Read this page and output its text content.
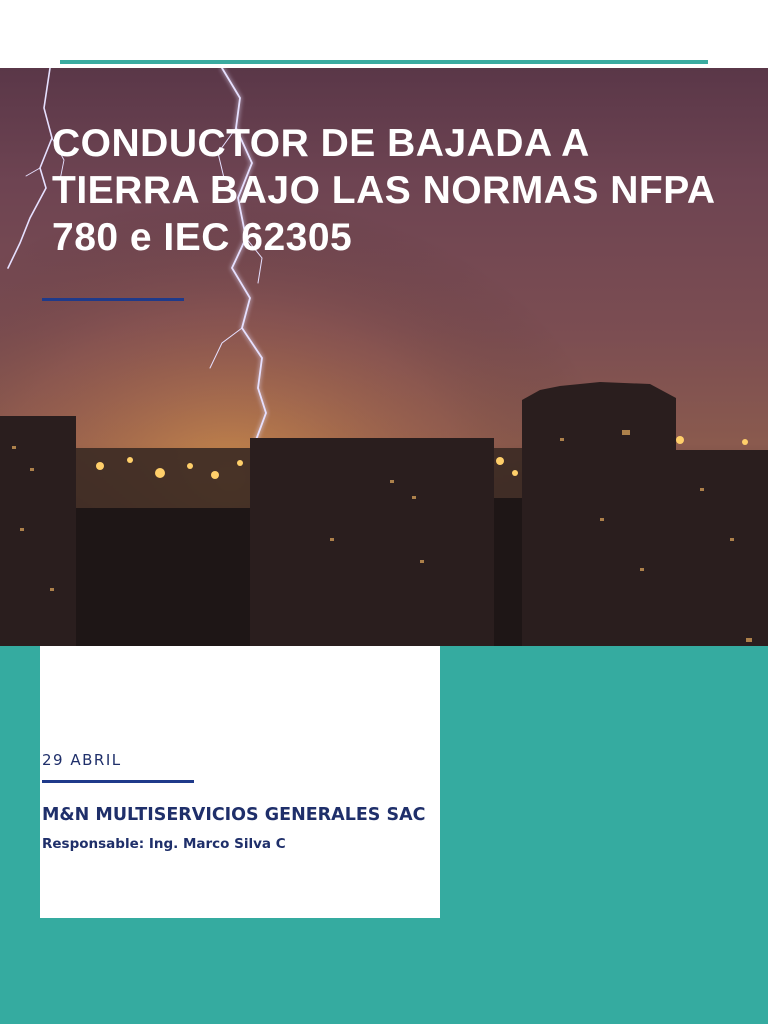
CONDUCTOR DE BAJADA A TIERRA BAJO LAS NORMAS NFPA 780 e IEC 62305
29 ABRIL
M&N MULTISERVICIOS GENERALES SAC
Responsable: Ing. Marco Silva C
